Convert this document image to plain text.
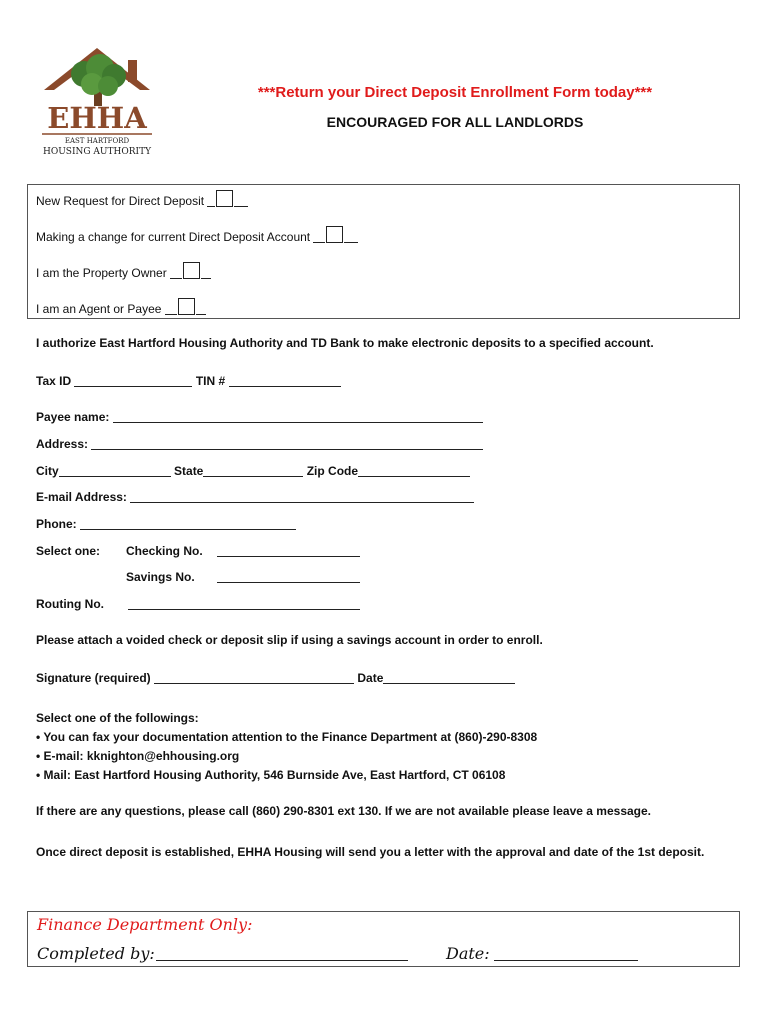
EHHA
EAST HARTFORD
HOUSING AUTHORITY
***Return your Direct Deposit Enrollment Form today***
ENCOURAGED FOR ALL LANDLORDS
New Request for Direct Deposit
Making a change for current Direct Deposit Account
I am the Property Owner
I am an Agent or Payee
I authorize East Hartford Housing Authority and TD Bank to make electronic deposits to a specified account.
Tax ID	TIN #
Payee name:
Address:
City	State	Zip Code
E-mail Address:
Phone:
Select one: Checking No.
Savings No.
Routing No.
Please attach a voided check or deposit slip if using a savings account in order to enroll.
Signature (required)	Date
Select one of the followings:
• You can fax your documentation attention to the Finance Department at (860)-290-8308
• E-mail: kknighton@ehhousing.org
• Mail: East Hartford Housing Authority, 546 Burnside Ave, East Hartford, CT 06108
If there are any questions, please call (860) 290-8301 ext 130. If we are not available please leave a message.
Once direct deposit is established, EHHA Housing will send you a letter with the approval and date of the 1st deposit.
Finance Department Only:
Completed by:	Date:
